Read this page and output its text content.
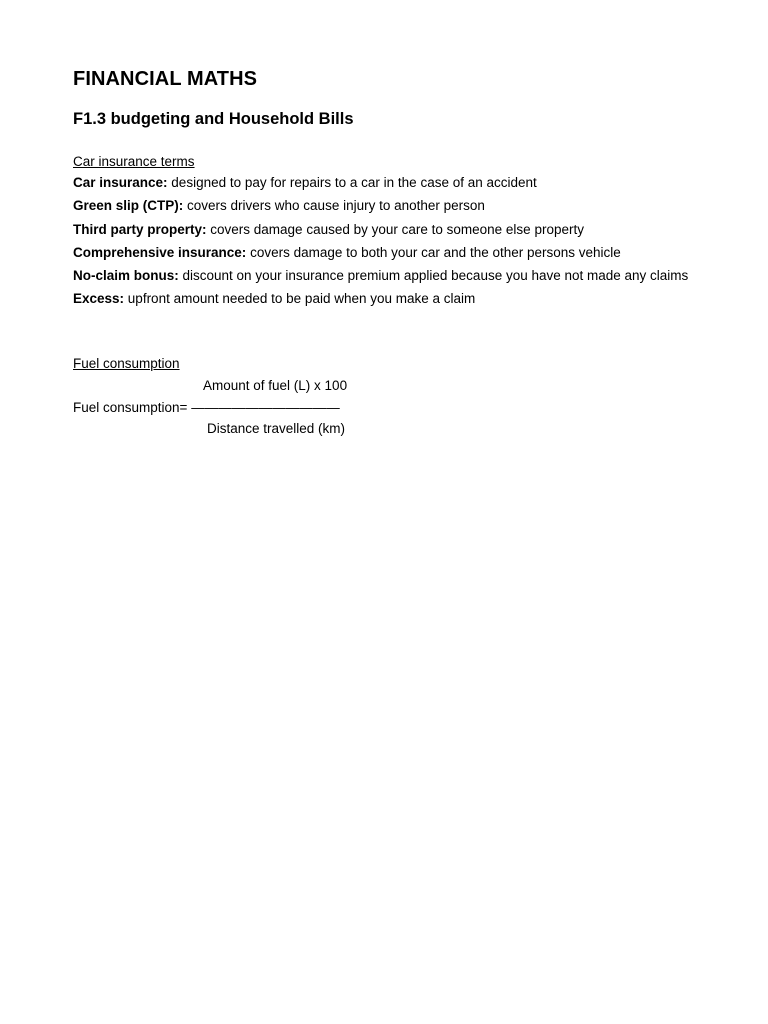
FINANCIAL MATHS
F1.3 budgeting and Household Bills
Car insurance terms
Car insurance: designed to pay for repairs to a car in the case of an accident
Green slip (CTP): covers drivers who cause injury to another person
Third party property: covers damage caused by your care to someone else property
Comprehensive insurance: covers damage to both your car and the other persons vehicle
No-claim bonus: discount on your insurance premium applied because you have not made any claims
Excess: upfront amount needed to be paid when you make a claim
Fuel consumption
Amount of fuel (L) x 100
Fuel consumption= ———————————
Distance travelled (km)
